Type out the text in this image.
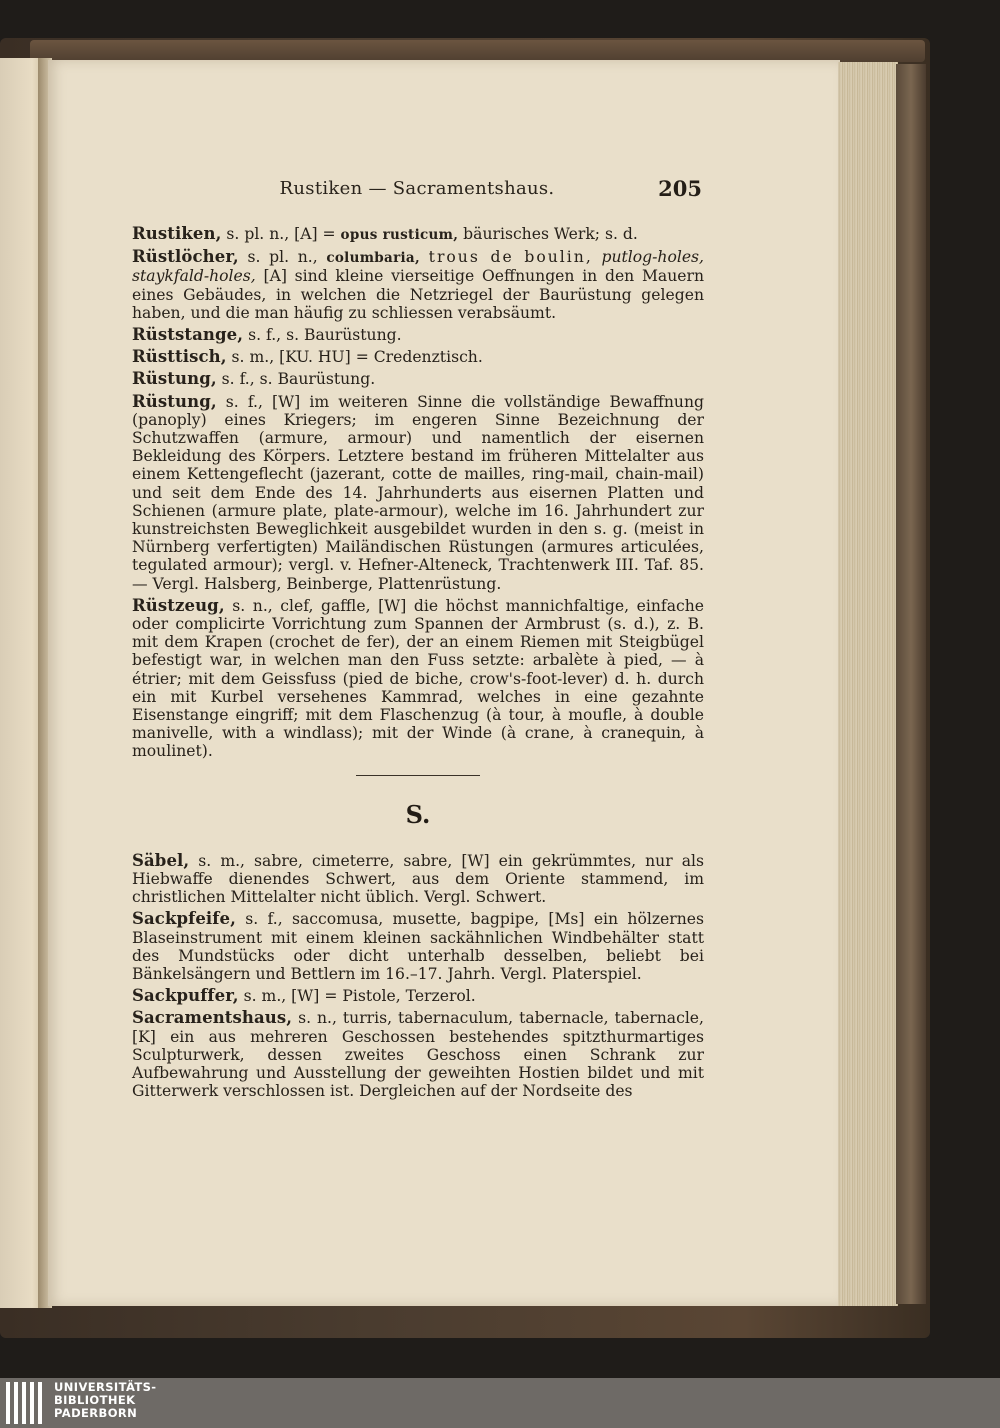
Rustiken — Sacramentshaus.	205
Rustiken, s. pl. n., [A] = opus rusticum, bäurisches Werk; s. d.
Rüstlöcher, s. pl. n., columbaria, trous de boulin, putlog-holes, staykfald-holes, [A] sind kleine vierseitige Oeffnungen in den Mauern eines Gebäudes, in welchen die Netzriegel der Baurüstung gelegen haben, und die man häufig zu schliessen verabsäumt.
Rüststange, s. f., s. Baurüstung.
Rüsttisch, s. m., [KU. HU] = Credenztisch.
Rüstung, s. f., s. Baurüstung.
Rüstung, s. f., [W] im weiteren Sinne die vollständige Bewaffnung (panoply) eines Kriegers; im engeren Sinne Bezeichnung der Schutzwaffen (armure, armour) und namentlich der eisernen Bekleidung des Körpers. Letztere bestand im früheren Mittelalter aus einem Kettengeflecht (jazerant, cotte de mailles, ring-mail, chain-mail) und seit dem Ende des 14. Jahrhunderts aus eisernen Platten und Schienen (armure plate, plate-armour), welche im 16. Jahrhundert zur kunstreichsten Beweglichkeit ausgebildet wurden in den s. g. (meist in Nürnberg verfertigten) Mailändischen Rüstungen (armures articulées, tegulated armour); vergl. v. Hefner-Alteneck, Trachtenwerk III. Taf. 85. — Vergl. Halsberg, Beinberge, Plattenrüstung.
Rüstzeug, s. n., clef, gaffle, [W] die höchst mannichfaltige, einfache oder complicirte Vorrichtung zum Spannen der Armbrust (s. d.), z. B. mit dem Krapen (crochet de fer), der an einem Riemen mit Steigbügel befestigt war, in welchen man den Fuss setzte: arbalète à pied, — à étrier; mit dem Geissfuss (pied de biche, crow's-foot-lever) d. h. durch ein mit Kurbel versehenes Kammrad, welches in eine gezahnte Eisenstange eingriff; mit dem Flaschenzug (à tour, à moufle, à double manivelle, with a windlass); mit der Winde (à crane, à cranequin, à moulinet).
S.
Säbel, s. m., sabre, cimeterre, sabre, [W] ein gekrümmtes, nur als Hiebwaffe dienendes Schwert, aus dem Oriente stammend, im christlichen Mittelalter nicht üblich. Vergl. Schwert.
Sackpfeife, s. f., saccomusa, musette, bagpipe, [Ms] ein hölzernes Blaseinstrument mit einem kleinen sackähnlichen Windbehälter statt des Mundstücks oder dicht unterhalb desselben, beliebt bei Bänkelsängern und Bettlern im 16.–17. Jahrh. Vergl. Platerspiel.
Sackpuffer, s. m., [W] = Pistole, Terzerol.
Sacramentshaus, s. n., turris, tabernaculum, tabernacle, tabernacle, [K] ein aus mehreren Geschossen bestehendes spitzthurmartiges Sculpturwerk, dessen zweites Geschoss einen Schrank zur Aufbewahrung und Ausstellung der geweihten Hostien bildet und mit Gitterwerk verschlossen ist. Dergleichen auf der Nordseite des
UNIVERSITÄTS-
BIBLIOTHEK
PADERBORN
